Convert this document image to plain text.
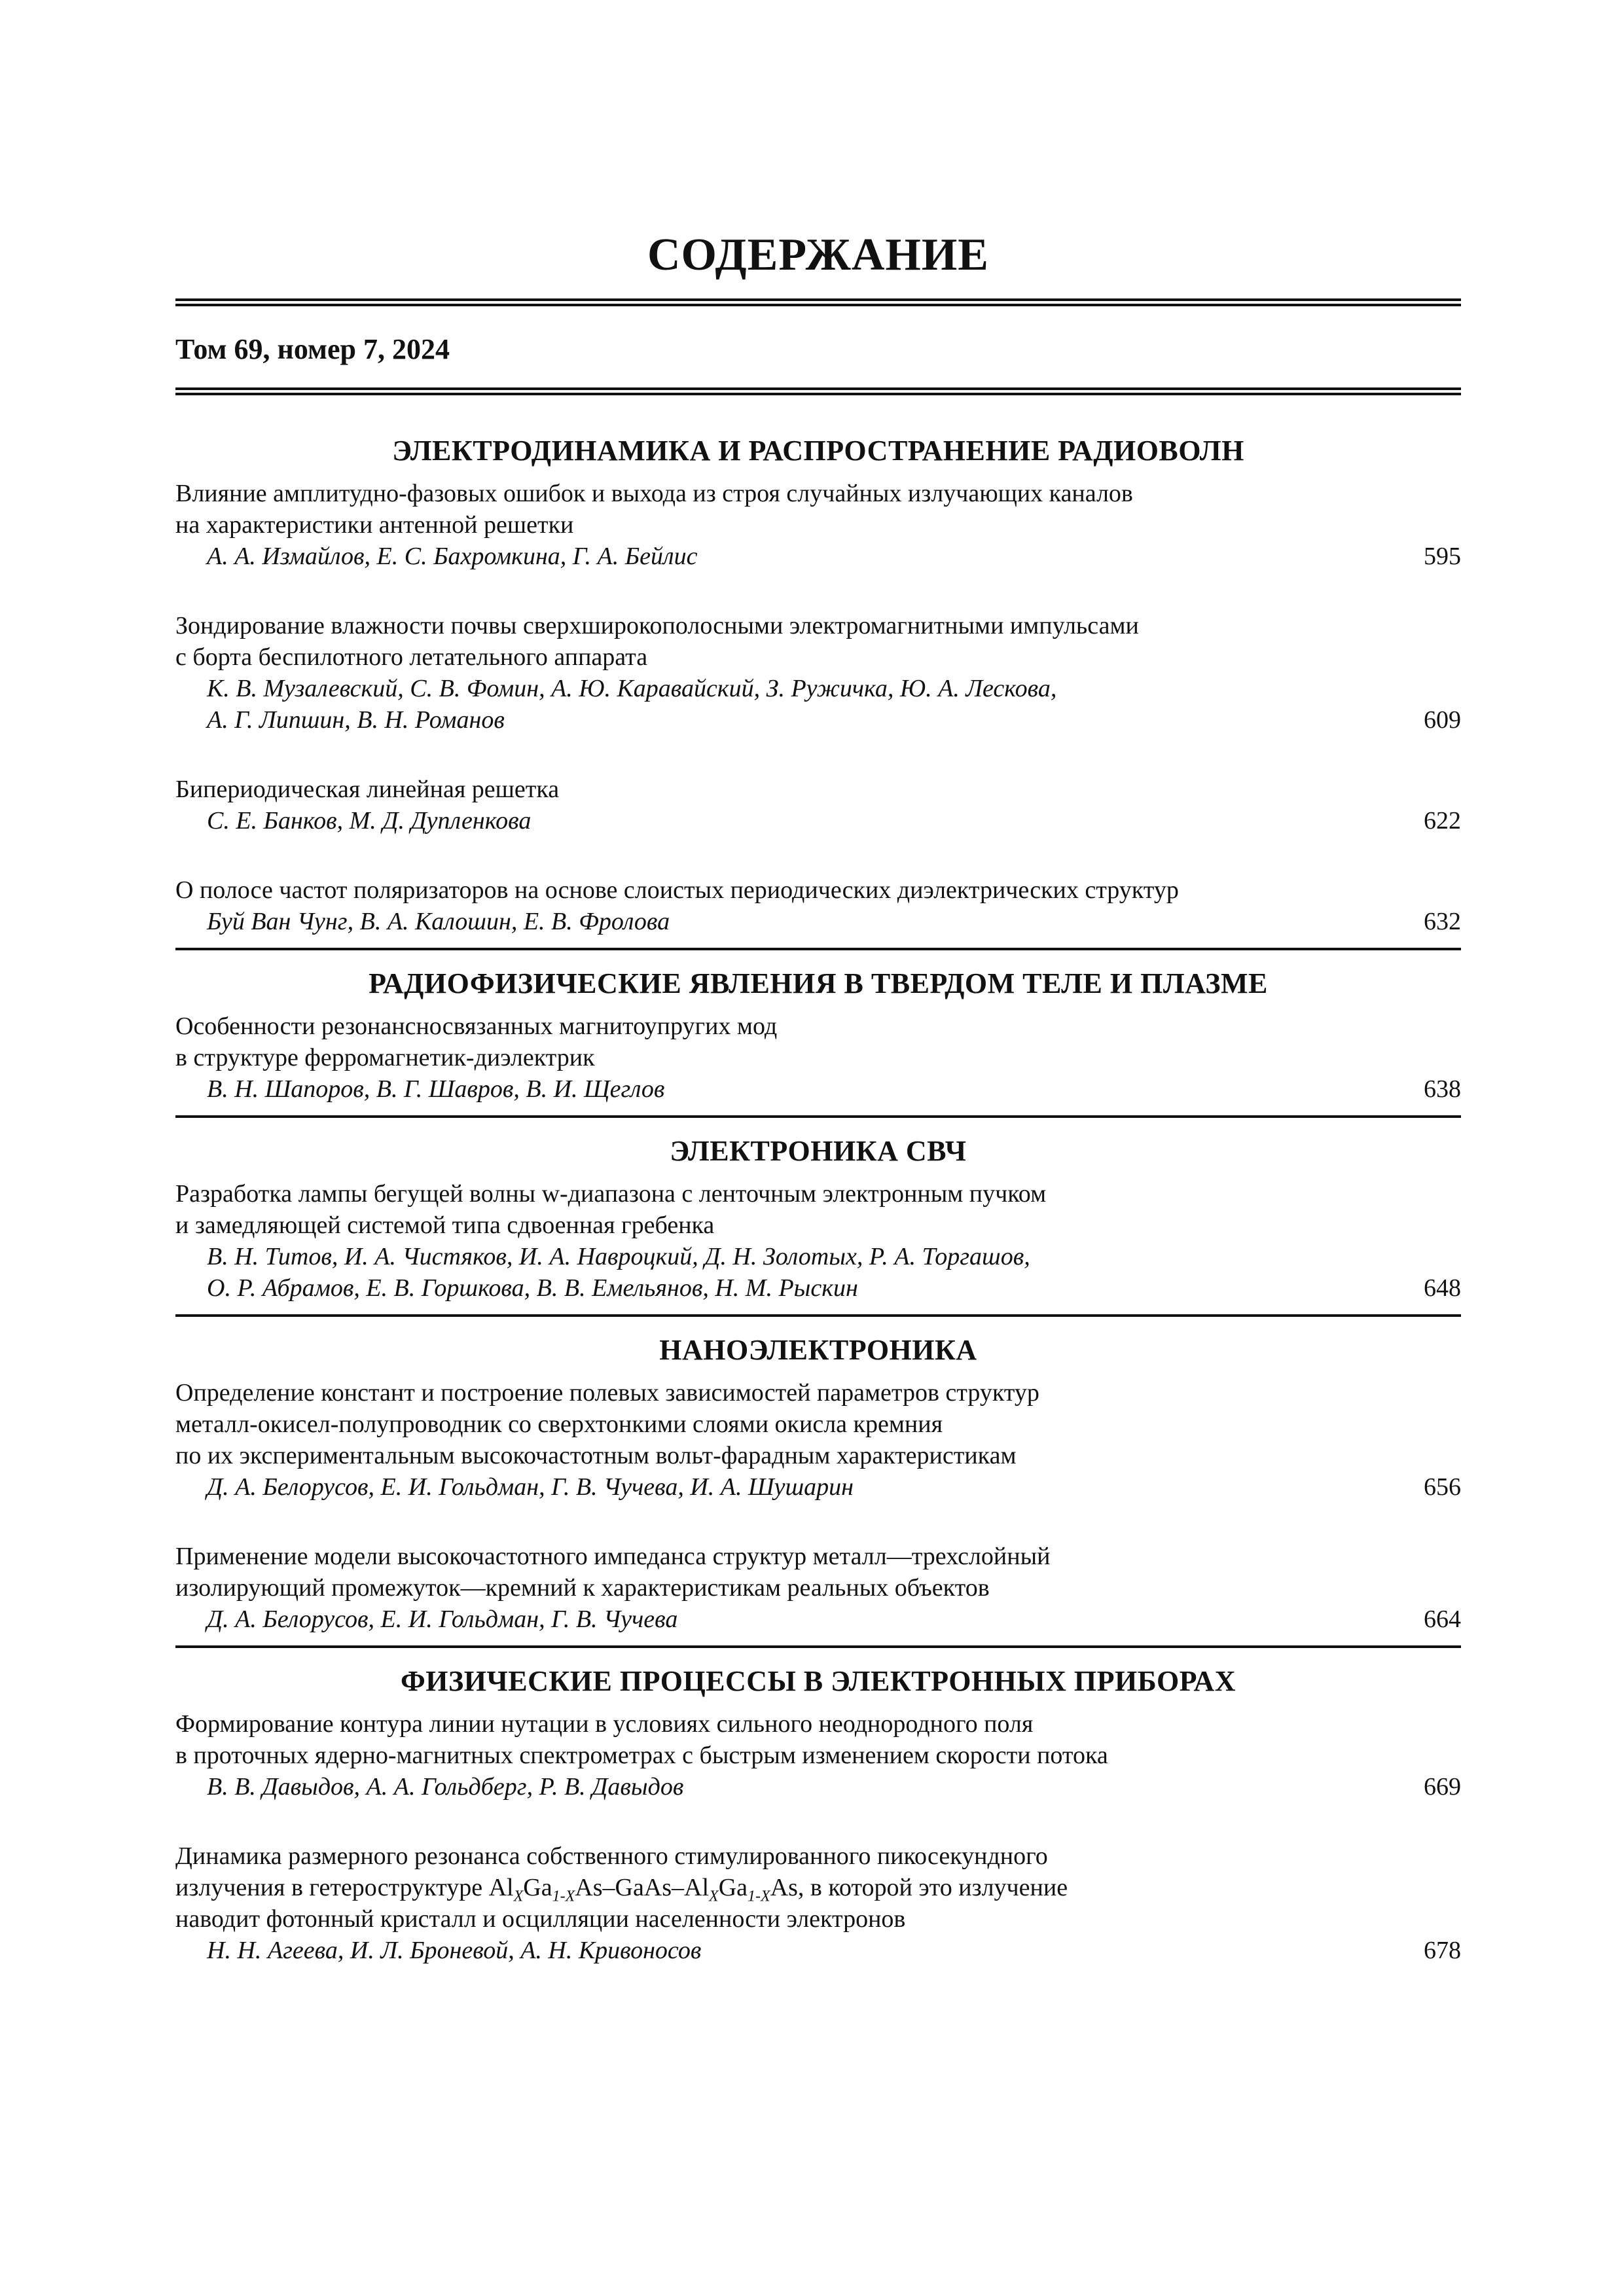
СОДЕРЖАНИЕ
Том 69, номер 7, 2024
ЭЛЕКТРОДИНАМИКА И РАСПРОСТРАНЕНИЕ РАДИОВОЛН
Влияние амплитудно-фазовых ошибок и выхода из строя случайных излучающих каналов
на характеристики антенной решетки
А. А. Измайлов, Е. С. Бахромкина, Г. А. Бейлис	595
Зондирование влажности почвы сверхширокополосными электромагнитными импульсами
с борта беспилотного летательного аппарата
К. В. Музалевский, С. В. Фомин, А. Ю. Каравайский, З. Ружичка, Ю. А. Лескова,
А. Г. Липшин, В. Н. Романов	609
Бипериодическая линейная решетка
С. Е. Банков, М. Д. Дупленкова	622
О полосе частот поляризаторов на основе слоистых периодических диэлектрических структур
Буй Ван Чунг, В. А. Калошин, Е. В. Фролова	632
РАДИОФИЗИЧЕСКИЕ ЯВЛЕНИЯ В ТВЕРДОМ ТЕЛЕ И ПЛАЗМЕ
Особенности резонансносвязанных магнитоупругих мод
в структуре ферромагнетик-диэлектрик
В. Н. Шапоров, В. Г. Шавров, В. И. Щеглов	638
ЭЛЕКТРОНИКА СВЧ
Разработка лампы бегущей волны w-диапазона с ленточным электронным пучком
и замедляющей системой типа сдвоенная гребенка
В. Н. Титов, И. А. Чистяков, И. А. Навроцкий, Д. Н. Золотых, Р. А. Торгашов,
О. Р. Абрамов, Е. В. Горшкова, В. В. Емельянов, Н. М. Рыскин	648
НАНОЭЛЕКТРОНИКА
Определение констант и построение полевых зависимостей параметров структур
металл-окисел-полупроводник со сверхтонкими слоями окисла кремния
по их экспериментальным высокочастотным вольт-фарадным характеристикам
Д. А. Белорусов, Е. И. Гольдман, Г. В. Чучева, И. А. Шушарин	656
Применение модели высокочастотного импеданса структур металл—трехслойный
изолирующий промежуток—кремний к характеристикам реальных объектов
Д. А. Белорусов, Е. И. Гольдман, Г. В. Чучева	664
ФИЗИЧЕСКИЕ ПРОЦЕССЫ В ЭЛЕКТРОННЫХ ПРИБОРАХ
Формирование контура линии нутации в условиях сильного неоднородного поля
в проточных ядерно-магнитных спектрометрах с быстрым изменением скорости потока
В. В. Давыдов, А. А. Гольдберг, Р. В. Давыдов	669
Динамика размерного резонанса собственного стимулированного пикосекундного
излучения в гетероструктуре $Al_XGa_{1-X}As-GaAs-Al_XGa_{1-X}As$, в которой это излучение
наводит фотонный кристалл и осцилляции населенности электронов
Н. Н. Агеева, И. Л. Броневой, А. Н. Кривоносов	678
